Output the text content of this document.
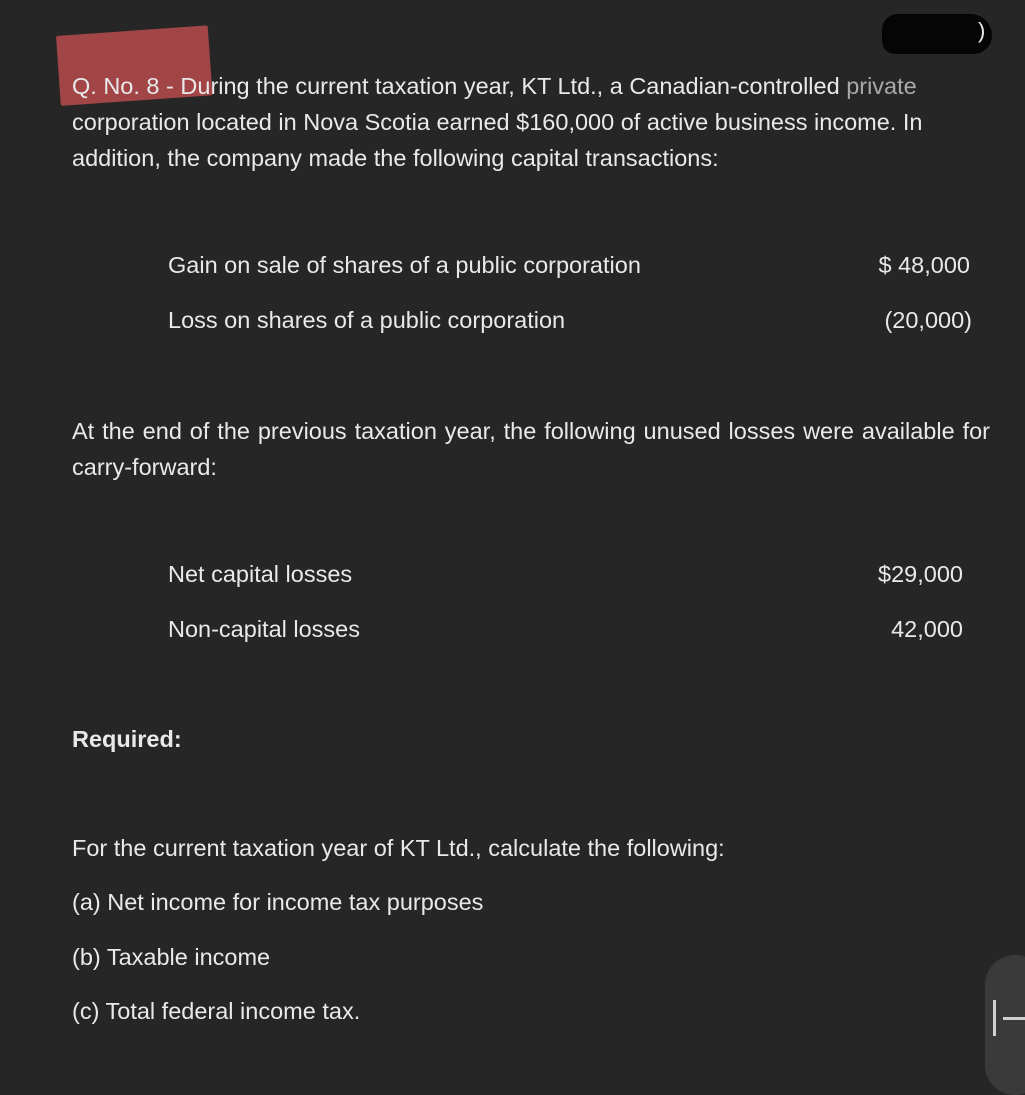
)
Q. No. 8 - During the current taxation year, KT Ltd., a Canadian-controlled private corporation located in Nova Scotia earned $160,000 of active business income. In addition, the company made the following capital transactions:
Gain on sale of shares of a public corporation	$ 48,000
Loss on shares of a public corporation	(20,000)
At the end of the previous taxation year, the following unused losses were available for carry-forward:
Net capital losses	$29,000
Non-capital losses	42,000
Required:
For the current taxation year of KT Ltd., calculate the following:
(a) Net income for income tax purposes
(b) Taxable income
(c) Total federal income tax.
